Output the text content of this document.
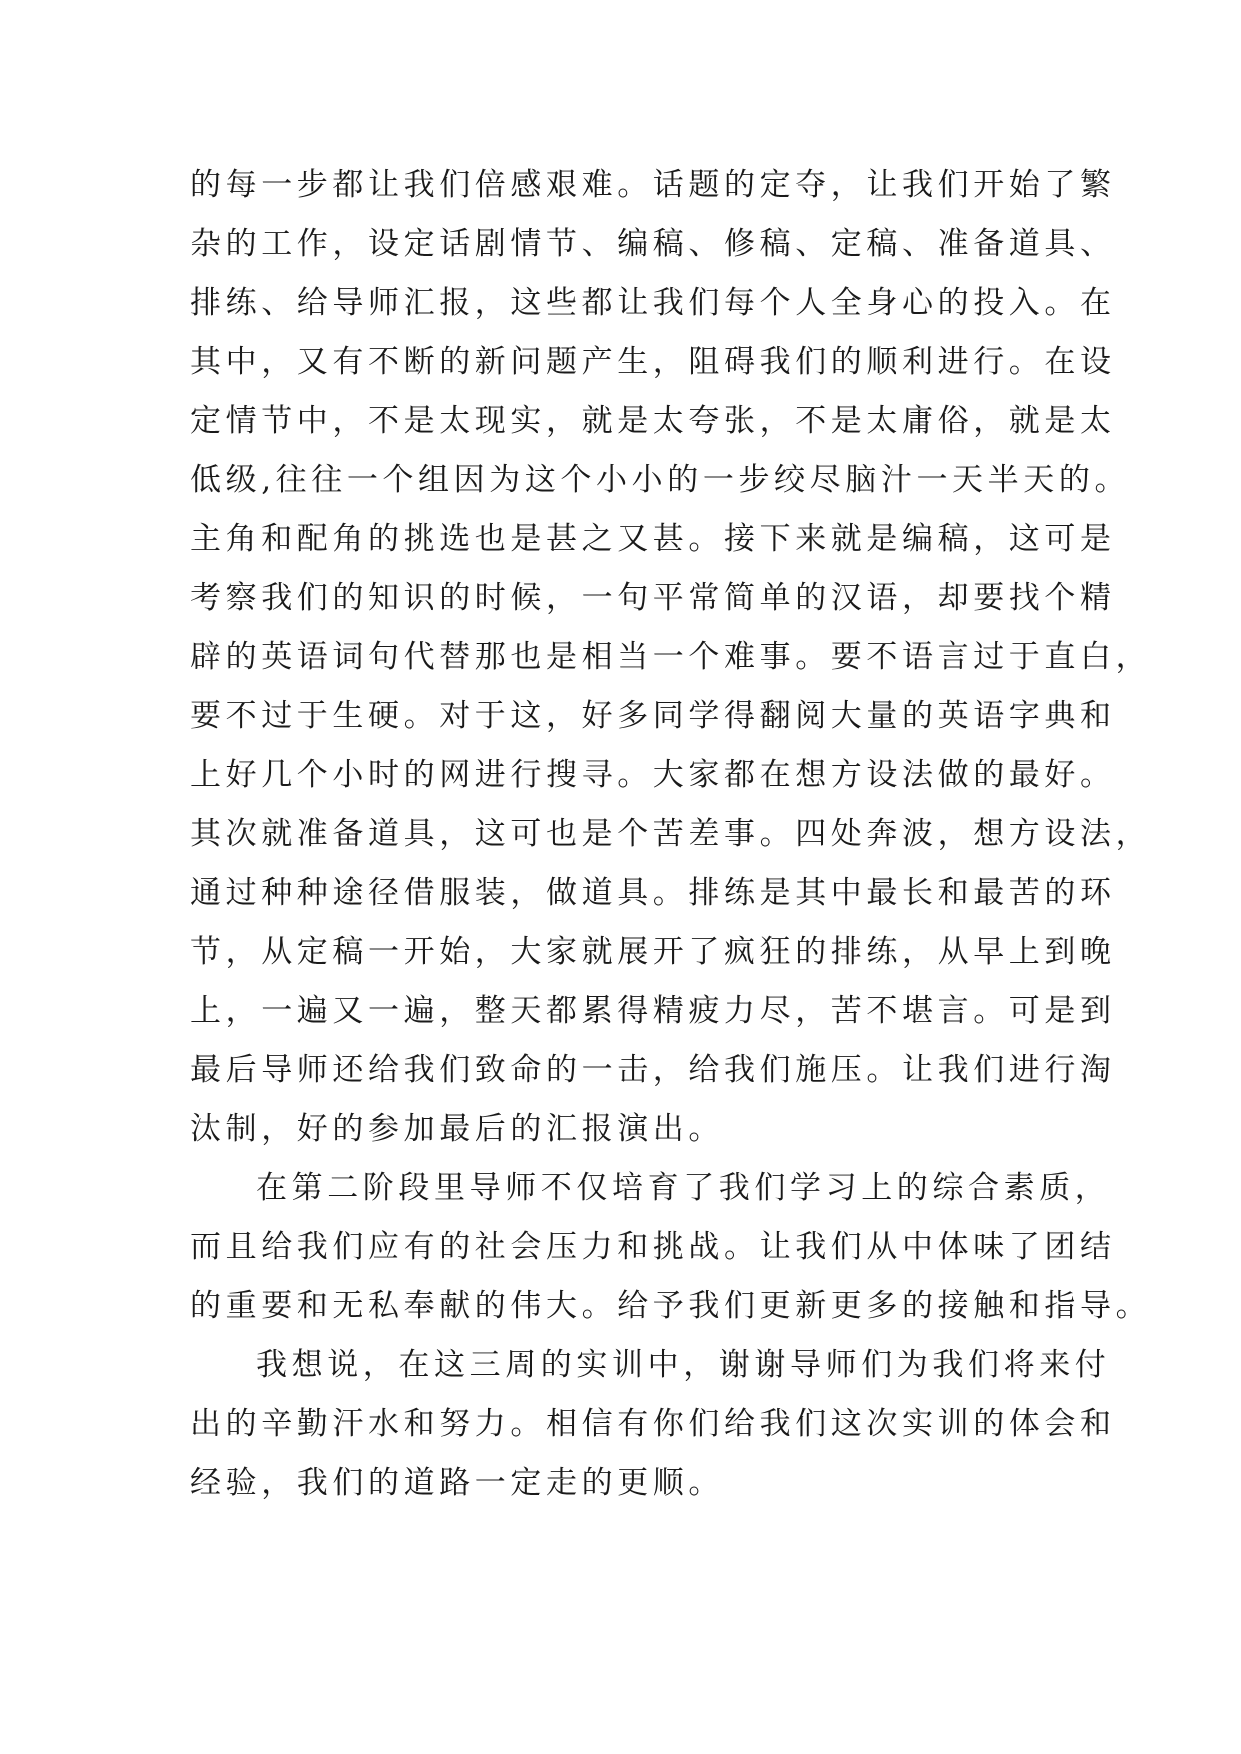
的每一步都让我们倍感艰难。话题的定夺，让我们开始了繁
杂的工作，设定话剧情节、编稿、修稿、定稿、准备道具、
排练、给导师汇报，这些都让我们每个人全身心的投入。在
其中，又有不断的新问题产生，阻碍我们的顺利进行。在设
定情节中，不是太现实，就是太夸张，不是太庸俗，就是太
低级,往往一个组因为这个小小的一步绞尽脑汁一天半天的。
主角和配角的挑选也是甚之又甚。接下来就是编稿，这可是
考察我们的知识的时候，一句平常简单的汉语，却要找个精
辟的英语词句代替那也是相当一个难事。要不语言过于直白，
要不过于生硬。对于这，好多同学得翻阅大量的英语字典和
上好几个小时的网进行搜寻。大家都在想方设法做的最好。
其次就准备道具，这可也是个苦差事。四处奔波，想方设法，
通过种种途径借服装，做道具。排练是其中最长和最苦的环
节，从定稿一开始，大家就展开了疯狂的排练，从早上到晚
上，一遍又一遍，整天都累得精疲力尽，苦不堪言。可是到
最后导师还给我们致命的一击，给我们施压。让我们进行淘
汰制，好的参加最后的汇报演出。
在第二阶段里导师不仅培育了我们学习上的综合素质，
而且给我们应有的社会压力和挑战。让我们从中体味了团结
的重要和无私奉献的伟大。给予我们更新更多的接触和指导。
我想说，在这三周的实训中，谢谢导师们为我们将来付
出的辛勤汗水和努力。相信有你们给我们这次实训的体会和
经验，我们的道路一定走的更顺。
